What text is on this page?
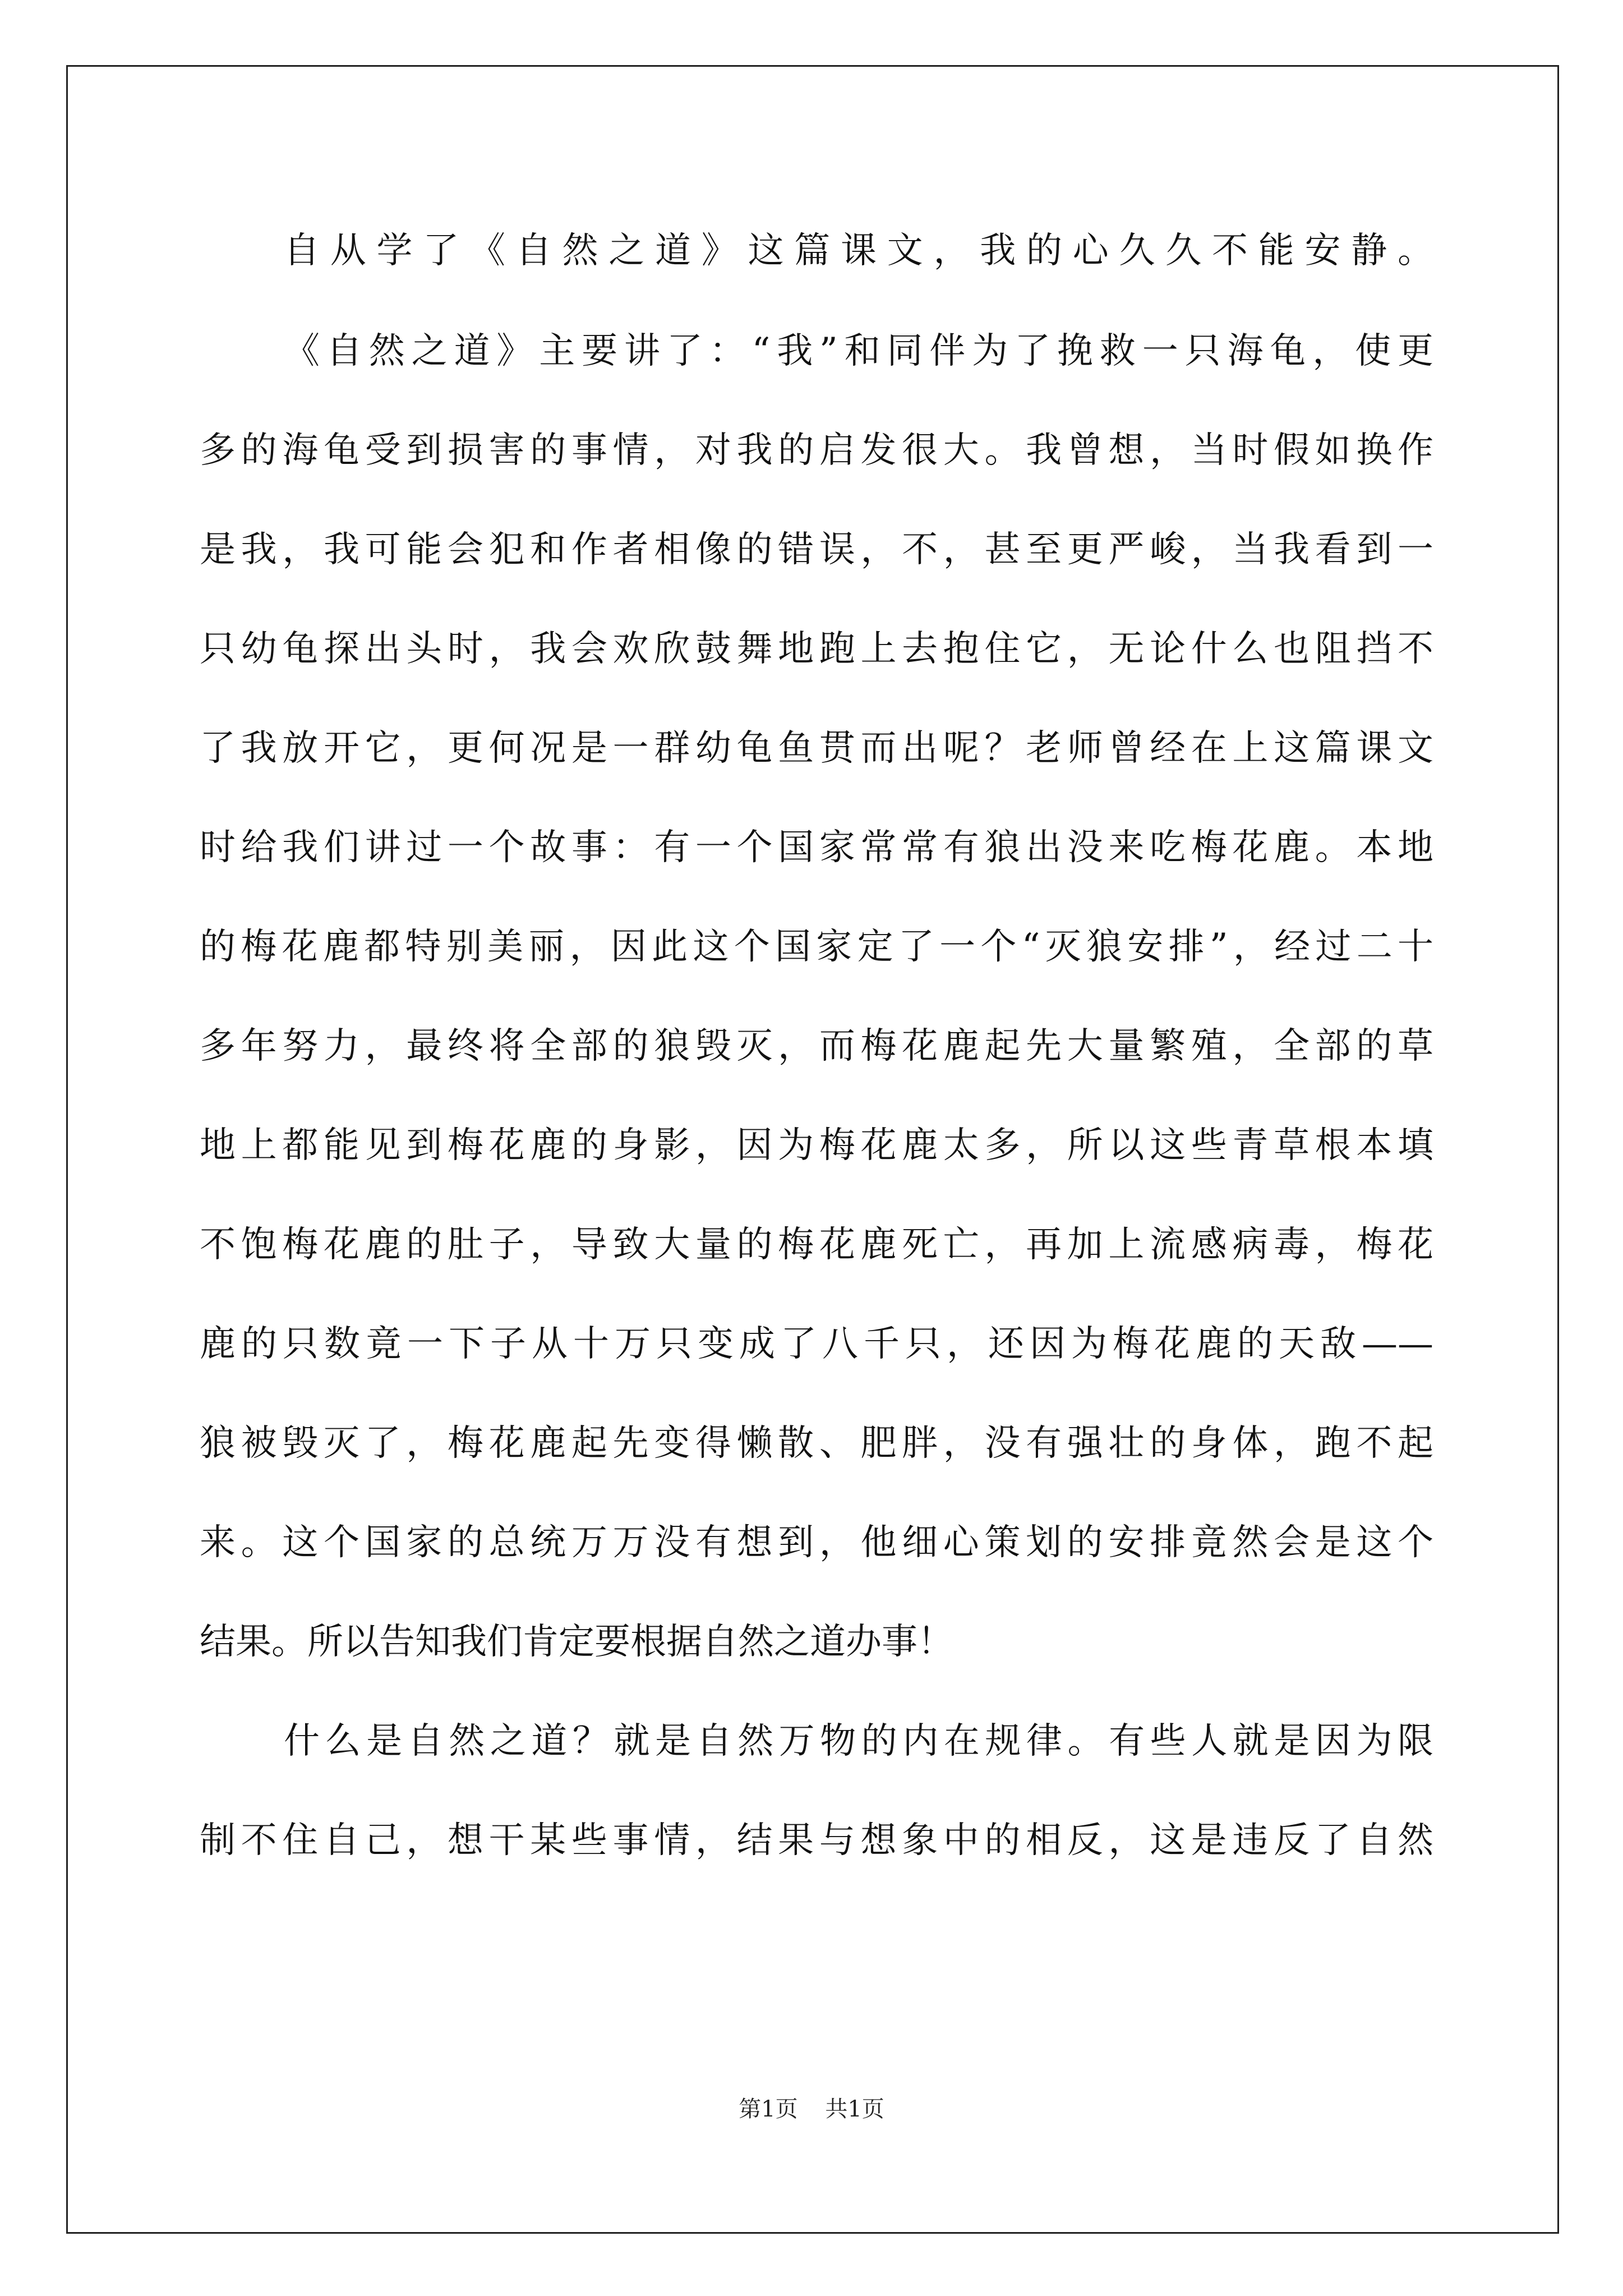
自从学了《自然之道》这篇课文，我的心久久不能安静。
《自然之道》主要讲了：“我”和同伴为了挽救一只海龟，使更
多的海龟受到损害的事情，对我的启发很大。我曾想，当时假如换作
是我，我可能会犯和作者相像的错误，不，甚至更严峻，当我看到一
只幼龟探出头时，我会欢欣鼓舞地跑上去抱住它，无论什么也阻挡不
了我放开它，更何况是一群幼龟鱼贯而出呢？老师曾经在上这篇课文
时给我们讲过一个故事：有一个国家常常有狼出没来吃梅花鹿。本地
的梅花鹿都特别美丽，因此这个国家定了一个“灭狼安排”，经过二十
多年努力，最终将全部的狼毁灭，而梅花鹿起先大量繁殖，全部的草
地上都能见到梅花鹿的身影，因为梅花鹿太多，所以这些青草根本填
不饱梅花鹿的肚子，导致大量的梅花鹿死亡，再加上流感病毒，梅花
鹿的只数竟一下子从十万只变成了八千只，还因为梅花鹿的天敌——
狼被毁灭了，梅花鹿起先变得懒散、肥胖，没有强壮的身体，跑不起
来。这个国家的总统万万没有想到，他细心策划的安排竟然会是这个
结果。所以告知我们肯定要根据自然之道办事！
什么是自然之道？就是自然万物的内在规律。有些人就是因为限
制不住自己，想干某些事情，结果与想象中的相反，这是违反了自然
第1页 共1页
